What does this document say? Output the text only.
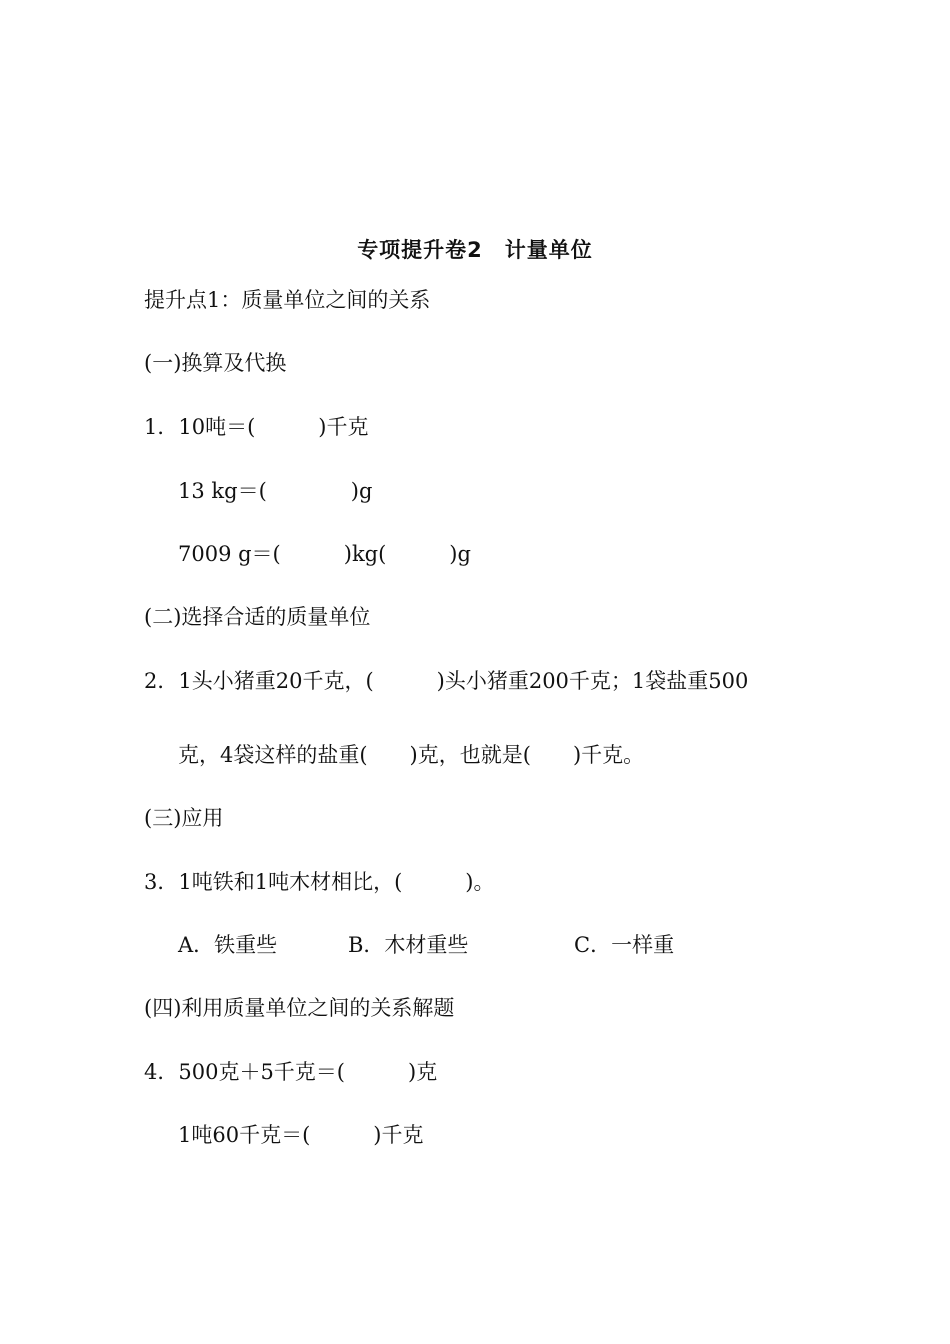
专项提升卷2　计量单位
提升点1：质量单位之间的关系
(一)换算及代换
1．10吨＝(　　　)千克
13 kg＝(　　　　)g
7009 g＝(　　　)kg(　　　)g
(二)选择合适的质量单位
2．1头小猪重20千克，(　　　)头小猪重200千克；1袋盐重500
克，4袋这样的盐重(　　)克，也就是(　　)千克。
(三)应用
3．1吨铁和1吨木材相比，(　　　)。
A．铁重些	B．木材重些	C．一样重
(四)利用质量单位之间的关系解题
4．500克＋5千克＝(　　　)克
1吨60千克＝(　　　)千克
